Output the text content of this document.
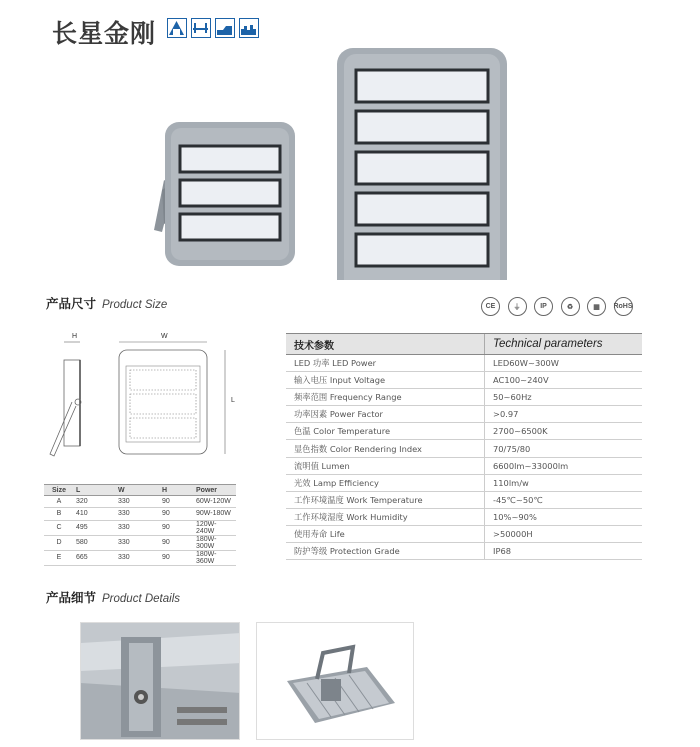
长星金刚
产品尺寸 Product Size	CE	⏚	IP	♻	▦	RoHS
H	W
L
Size	L	W	H	Power
A	320	330	90	60W-120W
B	410	330	90	90W-180W
C	495	330	90	120W-240W
D	580	330	90	180W-300W
E	665	330	90	180W-360W
技术参数	Technical parameters
LED 功率 LED Power	LED60W~300W
输入电压 Input Voltage	AC100~240V
频率范围 Frequency Range	50~60Hz
功率因素 Power Factor	>0.97
色温 Color Temperature	2700~6500K
显色指数 Color Rendering Index	70/75/80
流明值 Lumen	6600lm~33000lm
光效 Lamp Efficiency	110lm/w
工作环境温度 Work Temperature	-45℃~50℃
工作环境湿度 Work Humidity	10%~90%
使用寿命 Life	>50000H
防护等级 Protection Grade	IP68
产品细节 Product Details
